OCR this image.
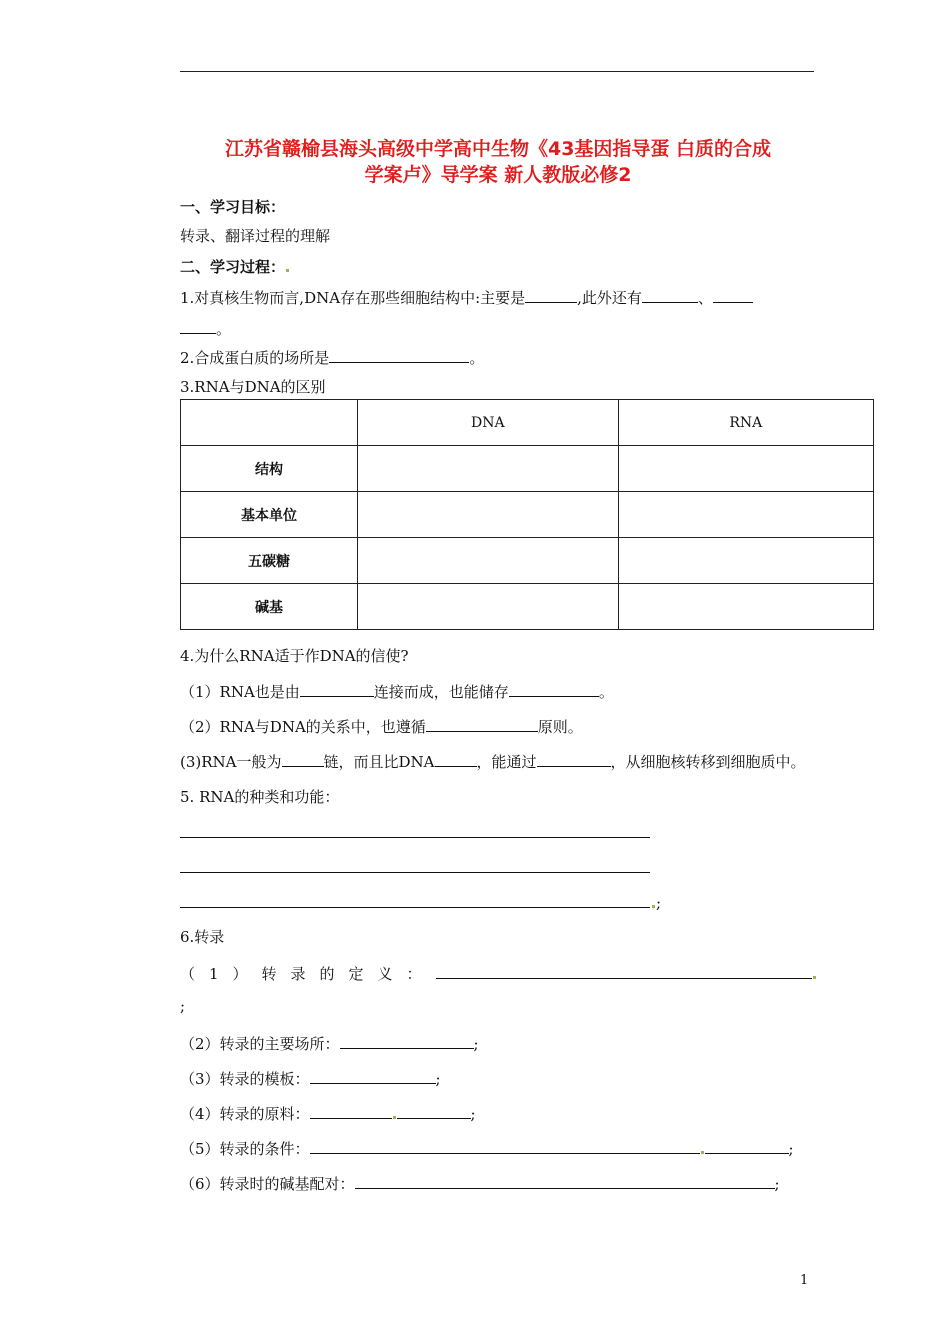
江苏省赣榆县海头高级中学高中生物《43基因指导蛋 白质的合成
学案卢》导学案 新人教版必修2
一、学习目标：
转录、翻译过程的理解
二、学习过程：
1.对真核生物而言,DNA存在那些细胞结构中:主要是	,此外还有	、
。
2.合成蛋白质的场所是	。
3.RNA与DNA的区别
	DNA	RNA
结构		
基本单位		
五碳糖		
碱基		
4.为什么RNA适于作DNA的信使?
（1）RNA也是由	连接而成，也能储存	。
（2）RNA与DNA的关系中，也遵循	原则。
(3)RNA一般为	链，而且比DNA	，能通过	，从细胞核转移到细胞质中。
5. RNA的种类和功能：
;
6.转录
（1）转录的定义：
;
（2）转录的主要场所：	;
（3）转录的模板：	;
（4）转录的原料：	;
（5）转录的条件：	;
（6）转录时的碱基配对：	;
1
